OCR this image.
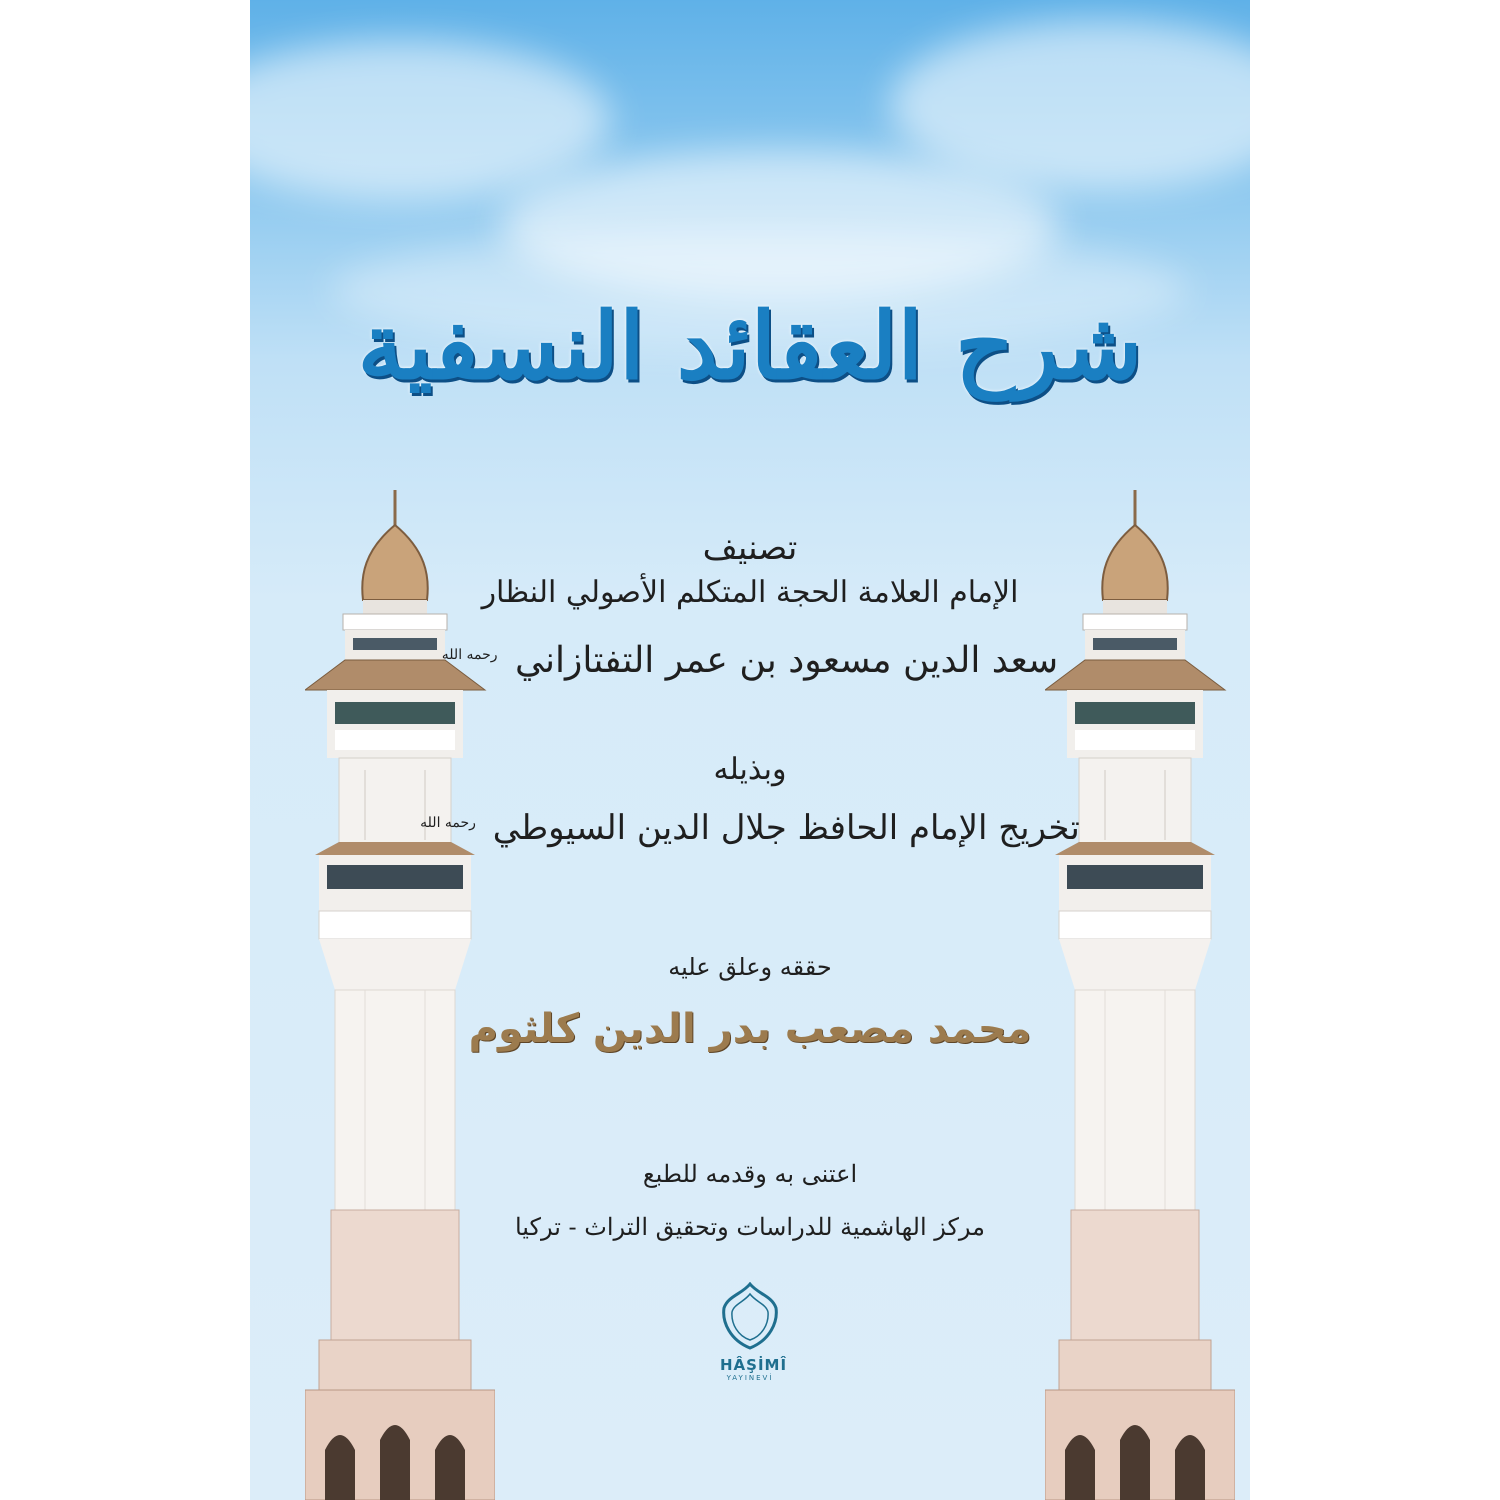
شرح العقائد النسفية
تصنيف
الإمام العلامة الحجة المتكلم الأصولي النظار
سعد الدين مسعود بن عمر التفتازاني $^{رحمه الله}$
وبذيله
تخريج الإمام الحافظ جلال الدين السيوطي $^{رحمه الله}$
حققه وعلق عليه
محمد مصعب بدر الدين كلثوم
اعتنى به وقدمه للطبع
مركز الهاشمية للدراسات وتحقيق التراث - تركيا
HÂŞİMÎ
YAYINEVİ
